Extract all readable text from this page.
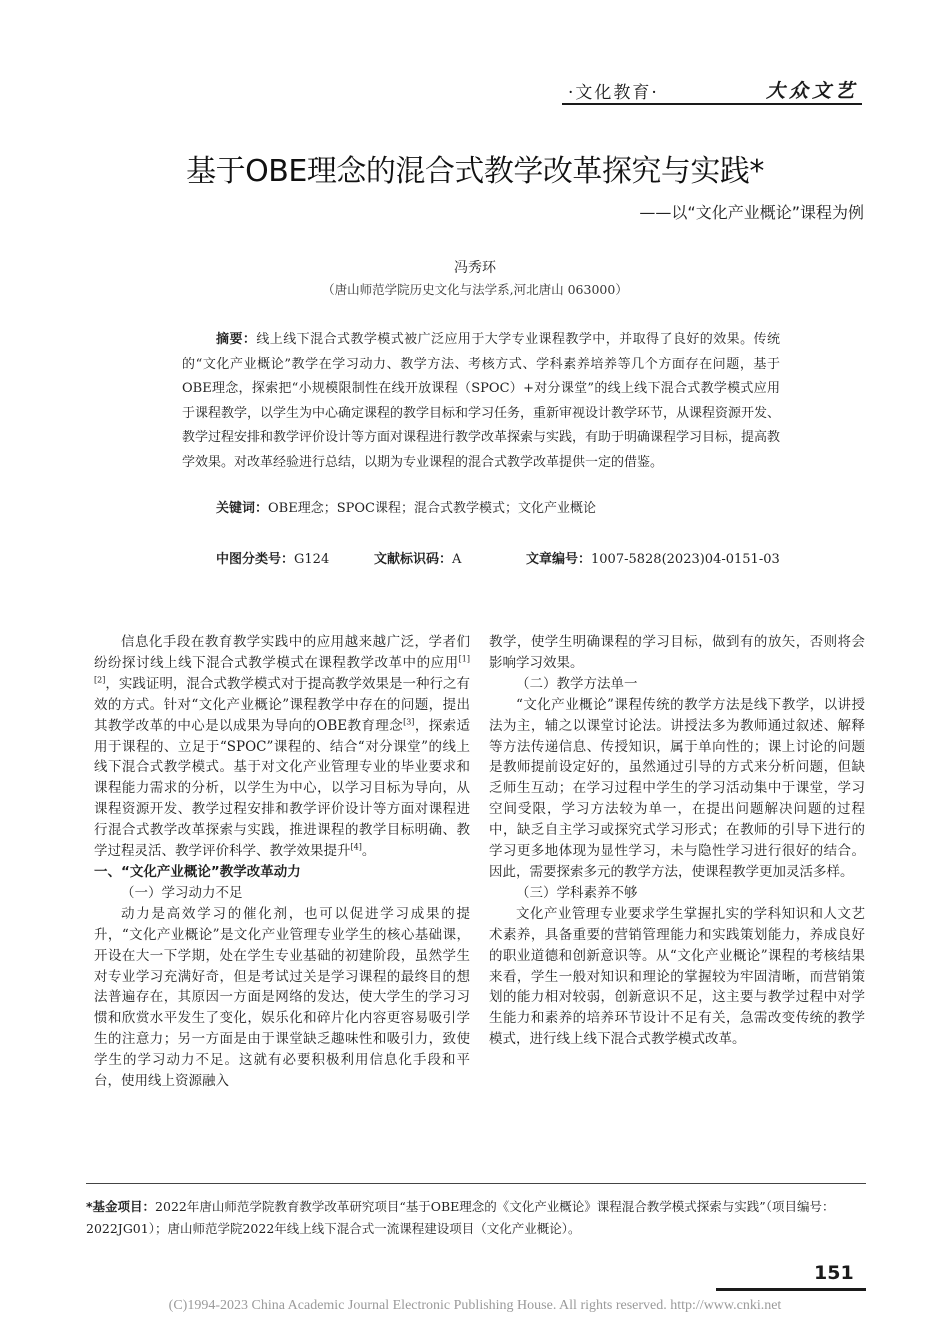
·文化教育·	大众文艺
基于OBE理念的混合式教学改革探究与实践*
——以“文化产业概论”课程为例
冯秀环
（唐山师范学院历史文化与法学系,河北唐山 063000）
摘要：线上线下混合式教学模式被广泛应用于大学专业课程教学中，并取得了良好的效果。传统的“文化产业概论”教学在学习动力、教学方法、考核方式、学科素养培养等几个方面存在问题，基于OBE理念，探索把“小规模限制性在线开放课程（SPOC）+对分课堂”的线上线下混合式教学模式应用于课程教学，以学生为中心确定课程的教学目标和学习任务，重新审视设计教学环节，从课程资源开发、教学过程安排和教学评价设计等方面对课程进行教学改革探索与实践，有助于明确课程学习目标，提高教学效果。对改革经验进行总结，以期为专业课程的混合式教学改革提供一定的借鉴。
关键词：OBE理念；SPOC课程；混合式教学模式；文化产业概论
中图分类号：G124	文献标识码：A	文章编号：1007-5828(2023)04-0151-03

信息化手段在教育教学实践中的应用越来越广泛，学者们纷纷探讨线上线下混合式教学模式在课程教学改革中的应用[1][2]，实践证明，混合式教学模式对于提高教学效果是一种行之有效的方式。针对“文化产业概论”课程教学中存在的问题，提出其教学改革的中心是以成果为导向的OBE教育理念[3]，探索适用于课程的、立足于“SPOC”课程的、结合“对分课堂”的线上线下混合式教学模式。基于对文化产业管理专业的毕业要求和课程能力需求的分析，以学生为中心，以学习目标为导向，从课程资源开发、教学过程安排和教学评价设计等方面对课程进行混合式教学改革探索与实践，推进课程的教学目标明确、教学过程灵活、教学评价科学、教学效果提升[4]。

一、“文化产业概论”教学改革动力

（一）学习动力不足

动力是高效学习的催化剂，也可以促进学习成果的提升，“文化产业概论”是文化产业管理专业学生的核心基础课，开设在大一下学期，处在学生专业基础的初建阶段，虽然学生对专业学习充满好奇，但是考试过关是学习课程的最终目的想法普遍存在，其原因一方面是网络的发达，使大学生的学习习惯和欣赏水平发生了变化，娱乐化和碎片化内容更容易吸引学生的注意力；另一方面是由于课堂缺乏趣味性和吸引力，致使学生的学习动力不足。这就有必要积极利用信息化手段和平台，使用线上资源融入

教学，使学生明确课程的学习目标，做到有的放矢，否则将会影响学习效果。

（二）教学方法单一

“文化产业概论”课程传统的教学方法是线下教学，以讲授法为主，辅之以课堂讨论法。讲授法多为教师通过叙述、解释等方法传递信息、传授知识，属于单向性的；课上讨论的问题是教师提前设定好的，虽然通过引导的方式来分析问题，但缺乏师生互动；在学习过程中学生的学习活动集中于课堂，学习空间受限，学习方法较为单一，在提出问题解决问题的过程中，缺乏自主学习或探究式学习形式；在教师的引导下进行的学习更多地体现为显性学习，未与隐性学习进行很好的结合。因此，需要探索多元的教学方法，使课程教学更加灵活多样。

（三）学科素养不够

文化产业管理专业要求学生掌握扎实的学科知识和人文艺术素养，具备重要的营销管理能力和实践策划能力，养成良好的职业道德和创新意识等。从“文化产业概论”课程的考核结果来看，学生一般对知识和理论的掌握较为牢固清晰，而营销策划的能力相对较弱，创新意识不足，这主要与教学过程中对学生能力和素养的培养环节设计不足有关，急需改变传统的教学模式，进行线上线下混合式教学模式改革。

*基金项目：2022年唐山师范学院教育教学改革研究项目“基于OBE理念的《文化产业概论》课程混合教学模式探索与实践”（项目编号：2022JG01）；唐山师范学院2022年线上线下混合式一流课程建设项目（文化产业概论）。
151
(C)1994-2023 China Academic Journal Electronic Publishing House. All rights reserved. http://www.cnki.net
